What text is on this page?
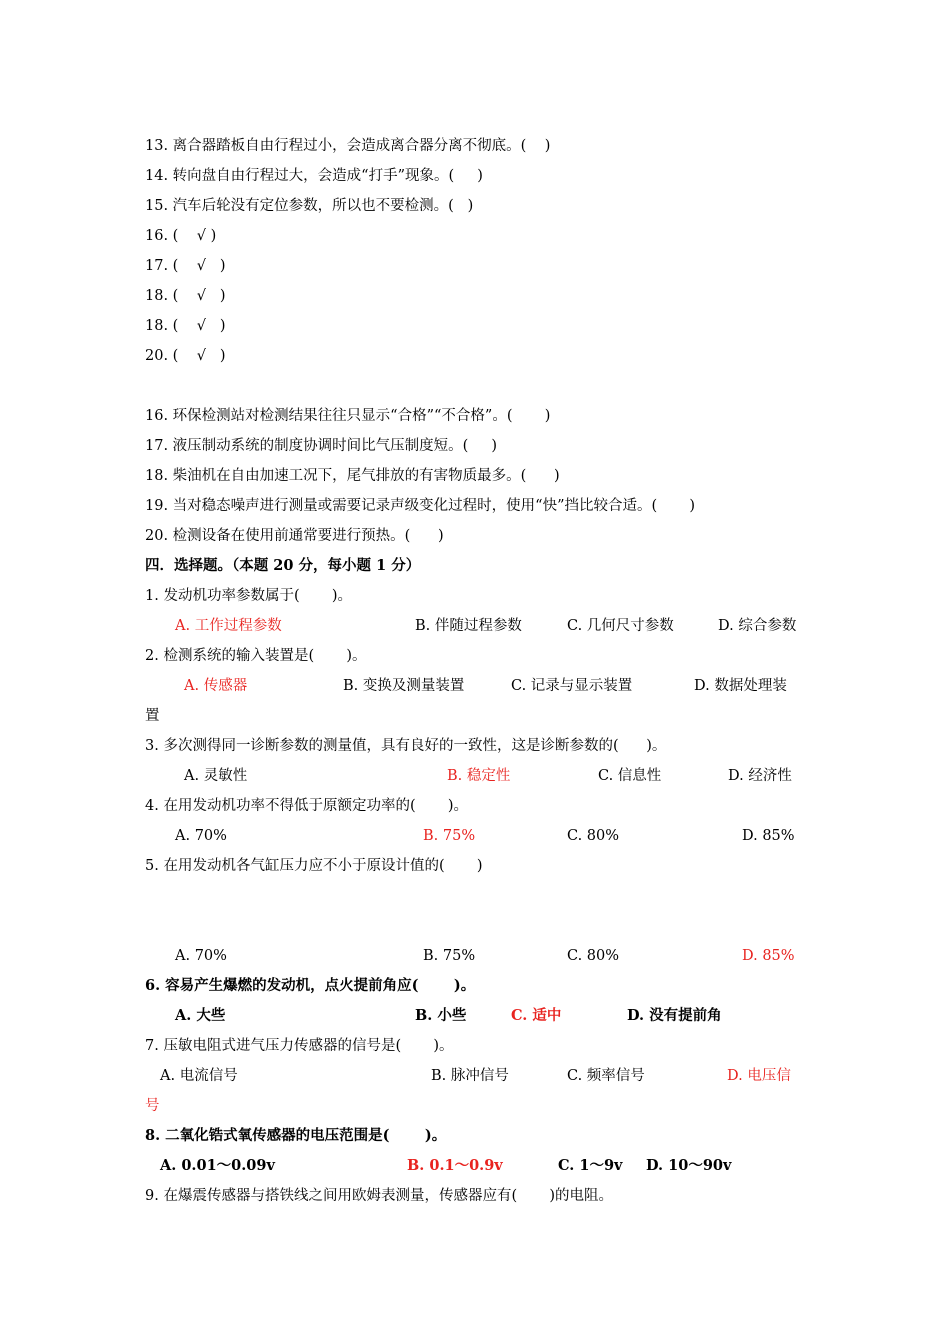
13. 离合器踏板自由行程过小，会造成离合器分离不彻底。(    )
14. 转向盘自由行程过大，会造成“打手”现象。(     )
15. 汽车后轮没有定位参数，所以也不要检测。(   )
16. (    √ )
17. (    √   )
18. (    √   )
18. (    √   )
20. (    √   )
16. 环保检测站对检测结果往往只显示“合格”“不合格”。(       )
17. 液压制动系统的制度协调时间比气压制度短。(     )
18. 柴油机在自由加速工况下，尾气排放的有害物质最多。(      )
19. 当对稳态噪声进行测量或需要记录声级变化过程时，使用“快”挡比较合适。(       )
20. 检测设备在使用前通常要进行预热。(      )
四．选择题。（本题 20 分，每小题 1 分）
1. 发动机功率参数属于(       )。
A. 工作过程参数	B. 伴随过程参数	C. 几何尺寸参数	D. 综合参数
2. 检测系统的输入装置是(       )。
A. 传感器	B. 变换及测量装置	C. 记录与显示装置	D. 数据处理装
置
3. 多次测得同一诊断参数的测量值，具有良好的一致性，这是诊断参数的(      )。
A. 灵敏性	B. 稳定性	C. 信息性	D. 经济性
4. 在用发动机功率不得低于原额定功率的(       )。
A. 70%	B. 75%	C. 80%	D. 85%
5. 在用发动机各气缸压力应不小于原设计值的(       )
A. 70%	B. 75%	C. 80%	D. 85%
6. 容易产生爆燃的发动机，点火提前角应(       )。
A. 大些	B. 小些	C. 适中	D. 没有提前角
7. 压敏电阻式进气压力传感器的信号是(       )。
A. 电流信号	B. 脉冲信号	C. 频率信号	D. 电压信
号
8. 二氧化锆式氧传感器的电压范围是(       )。
A. 0.01～0.09v	B. 0.1～0.9v	C. 1～9v D. 10～90v
9. 在爆震传感器与搭铁线之间用欧姆表测量，传感器应有(       )的电阻。
